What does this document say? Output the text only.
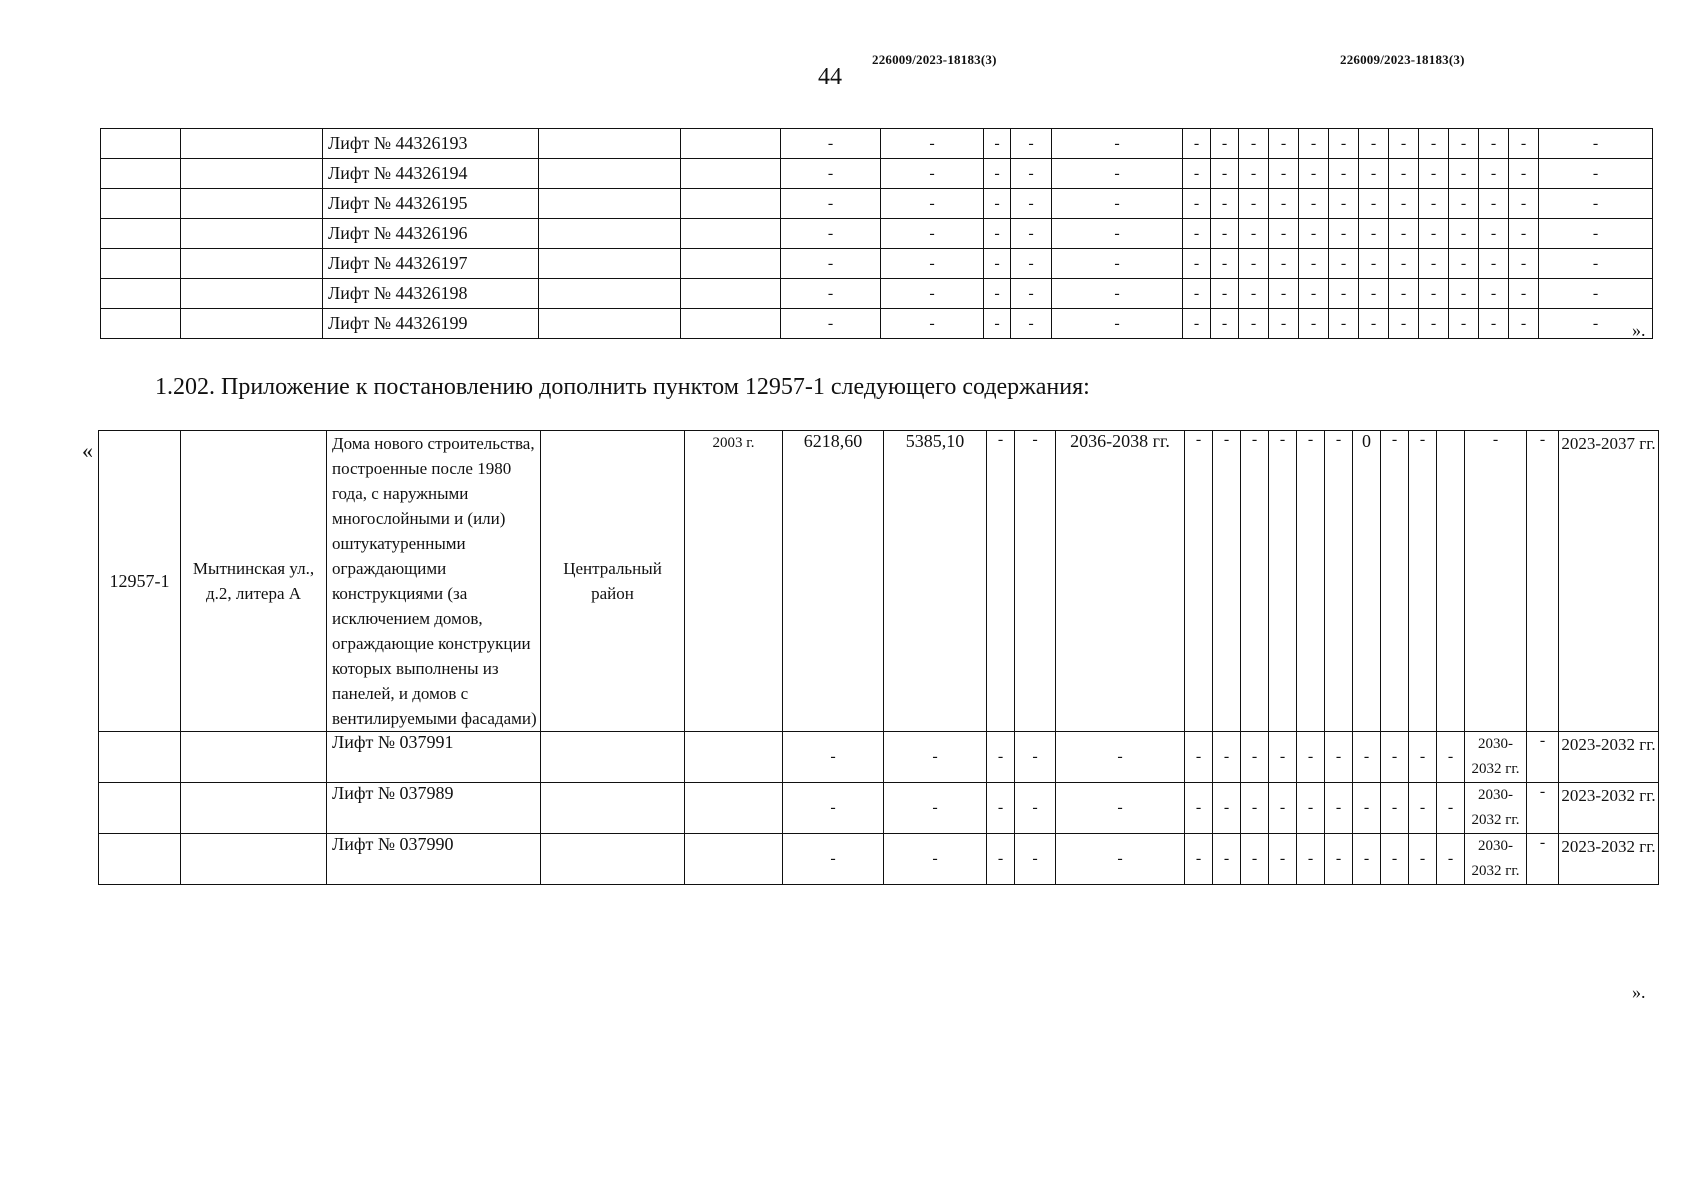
44
226009/2023-18183(3)	226009/2023-18183(3)
		Лифт № 44326193			-	-	-	-	-	-	-	-	-	-	-	-	-	-	-	-	-	-
		Лифт № 44326194			-	-	-	-	-	-	-	-	-	-	-	-	-	-	-	-	-	-
		Лифт № 44326195			-	-	-	-	-	-	-	-	-	-	-	-	-	-	-	-	-	-
		Лифт № 44326196			-	-	-	-	-	-	-	-	-	-	-	-	-	-	-	-	-	-
		Лифт № 44326197			-	-	-	-	-	-	-	-	-	-	-	-	-	-	-	-	-	-
		Лифт № 44326198			-	-	-	-	-	-	-	-	-	-	-	-	-	-	-	-	-	-
		Лифт № 44326199			-	-	-	-	-	-	-	-	-	-	-	-	-	-	-	-	-	- ».
1.202. Приложение к постановлению дополнить пунктом 12957-1 следующего содержания:
«
12957-1	Мытнинская ул., д.2, литера А	Дома нового строительства, построенные после 1980 года, с наружными многослойными и (или) оштукатуренными ограждающими конструкциями (за исключением домов, ограждающие конструкции которых выполнены из панелей, и домов с вентилируемыми фасадами)	Центральный район	2003 г.	6218,60	5385,10	-	-	2036-2038 гг.	-	-	-	-	-	-	0	-	-		-	-	2023-2037 гг.
		Лифт № 037991			-	-	-	-	-	-	-	-	-	-	-	-	-	-	-	2030-2032 гг.	-	2023-2032 гг.
		Лифт № 037989			-	-	-	-	-	-	-	-	-	-	-	-	-	-	-	2030-2032 гг.	-	2023-2032 гг.
		Лифт № 037990			-	-	-	-	-	-	-	-	-	-	-	-	-	-	-	2030-2032 гг.	-	2023-2032 гг.
».
